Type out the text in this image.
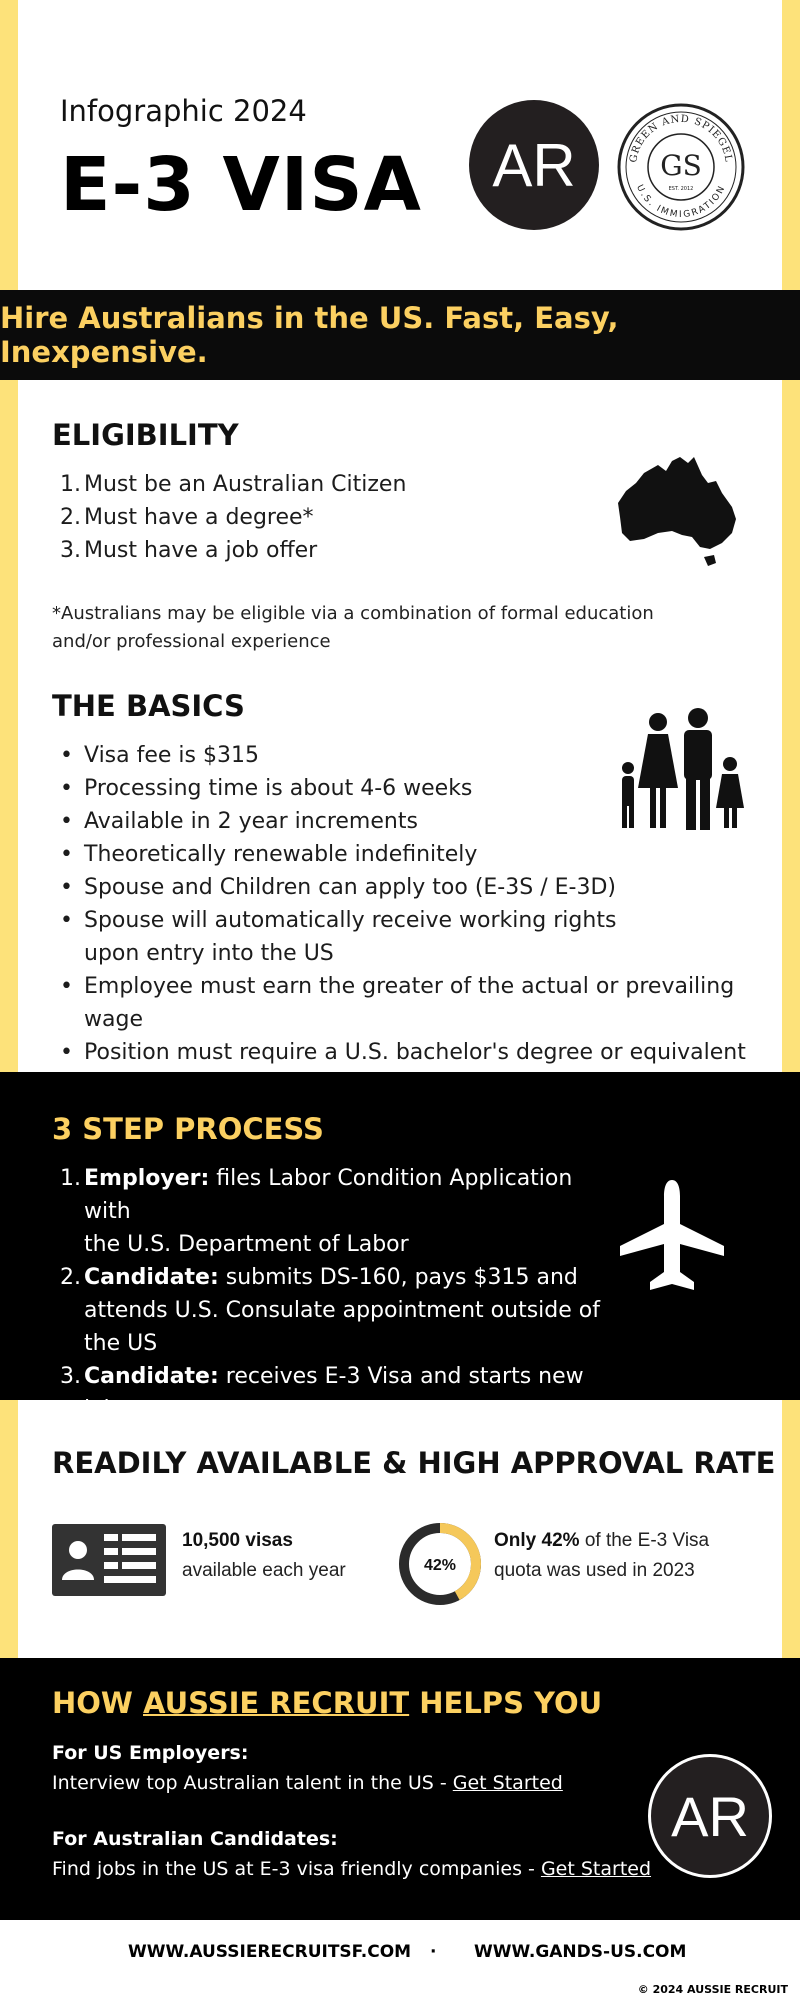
Infographic 2024
E-3 VISA AR	GREEN AND SPIEGEL
U.S. IMMIGRATION
GS
EST. 2012
Hire Australians in the US. Fast, Easy, Inexpensive.
ELIGIBILITY
1. Must be an Australian Citizen
2. Must have a degree*
3. Must have a job offer
*Australians may be eligible via a combination of formal education
and/or professional experience
THE BASICS
• Visa fee is $315
• Processing time is about 4-6 weeks
• Available in 2 year increments
• Theoretically renewable indefinitely
• Spouse and Children can apply too (E-3S / E-3D)
• Spouse will automatically receive working rights
upon entry into the US
• Employee must earn the greater of the actual or prevailing wage
• Position must require a U.S. bachelor's degree or equivalent
3 STEP PROCESS
1. Employer: files Labor Condition Application with
the U.S. Department of Labor
2. Candidate: submits DS-160, pays $315 and
attends U.S. Consulate appointment outside of
the US
3. Candidate: receives E-3 Visa and starts new job
READILY AVAILABLE & HIGH APPROVAL RATE
10,500 visas
available each year	42%
Only 42% of the E-3 Visa
quota was used in 2023
HOW AUSSIE RECRUIT HELPS YOU
For US Employers:
Interview top Australian talent in the US - Get Started
For Australian Candidates:
Find jobs in the US at E-3 visa friendly companies - Get Started
AR
WWW.AUSSIERECRUITSF.COM · WWW.GANDS-US.COM
© 2024 AUSSIE RECRUIT
